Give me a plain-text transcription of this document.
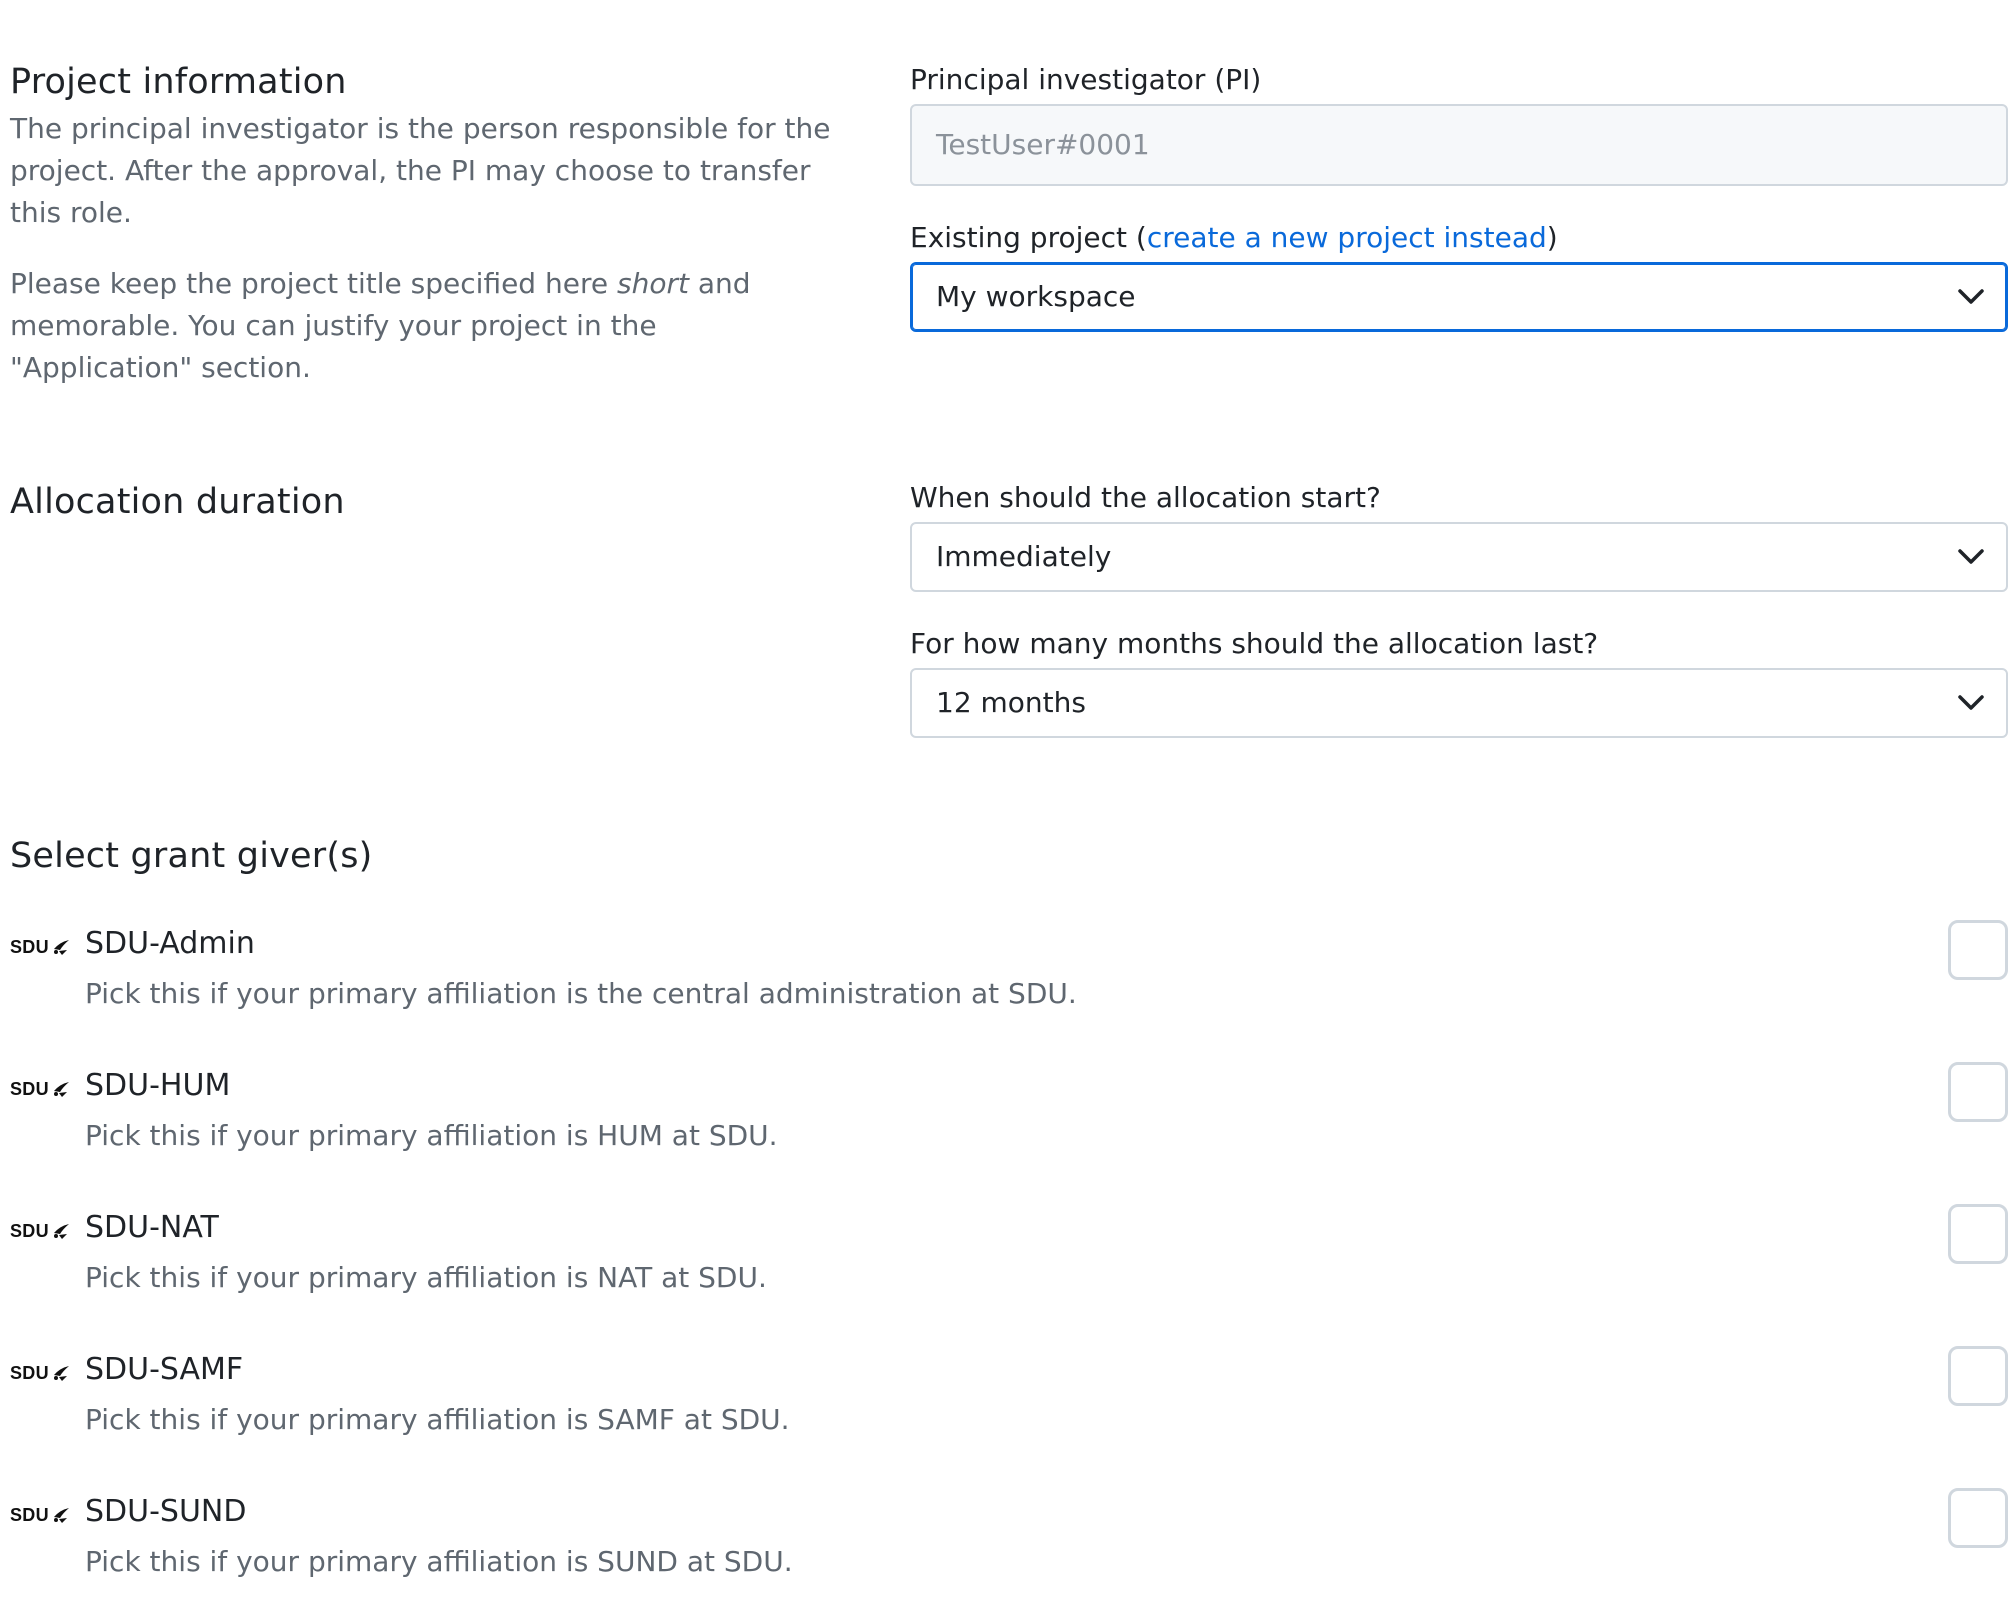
Project information

The principal investigator is the person responsible for the project. After the approval, the PI may choose to transfer this role.

Please keep the project title specified here short and memorable. You can justify your project in the "Application" section.

Principal investigator (PI)
TestUser#0001
Existing project (create a new project instead)
My workspace
Allocation duration	When should the allocation start?
Immediately
For how many months should the allocation last?
12 months
Select grant giver(s)
SDU SDU-Admin
Pick this if your primary affiliation is the central administration at SDU.
SDU SDU-HUM
Pick this if your primary affiliation is HUM at SDU.
SDU SDU-NAT
Pick this if your primary affiliation is NAT at SDU.
SDU SDU-SAMF
Pick this if your primary affiliation is SAMF at SDU.
SDU SDU-SUND
Pick this if your primary affiliation is SUND at SDU.
